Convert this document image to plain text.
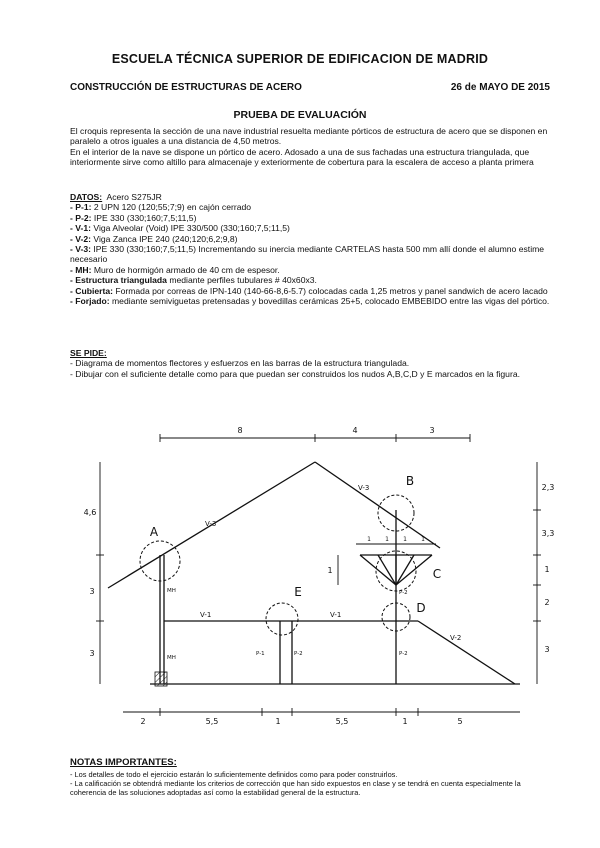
ESCUELA TÉCNICA SUPERIOR DE EDIFICACION DE MADRID
CONSTRUCCIÓN DE ESTRUCTURAS DE ACERO	26 de MAYO DE 2015
PRUEBA DE EVALUACIÓN

El croquis representa la sección de una nave industrial resuelta mediante pórticos de estructura de acero que se disponen en paralelo a otros iguales a una distancia de 4,50 metros.

En el interior de la nave se dispone un pórtico de acero. Adosado a una de sus fachadas una estructura trianguIada, que interiormente sirve como altillo para almacenaje y exteriormente de cobertura para la escalera de acceso a planta primera

DATOS: Acero S275JR

- P-1: 2 UPN 120 (120;55;7;9) en cajón cerrado
- P-2: IPE 330 (330;160;7,5;11,5)
- V-1: Viga Alveolar (Void) IPE 330/500 (330;160;7,5;11,5)
- V-2: Viga Zanca IPE 240 (240;120;6,2;9,8)
- V-3: IPE 330 (330;160;7,5;11,5) Incrementando su inercia mediante CARTELAS hasta 500 mm allí donde el alumno estime necesario
- MH: Muro de hormigón armado de 40 cm de espesor.
- Estructura triangulada mediante perfiles tubulares # 40x60x3.
- Cubierta: Formada por correas de IPN-140 (140-66-8,6-5.7) colocadas cada 1,25 metros y panel sandwich de acero lacado
- Forjado: mediante semiviguetas pretensadas y bovedillas cerámicas 25+5, colocado EMBEBIDO entre las vigas del pórtico.

SE PIDE:

- Diagrama de momentos flectores y esfuerzos en las barras de la estructura triangulada.

- Dibujar con el suficiente detalle como para que puedan ser construidos los nudos A,B,C,D y E marcados en la figura.

8	4	3
2	5,5	1	5,5	1	5
4,6
3
3
2,3
3,3
1
2
3
1 1 1 1
1
A
B
C
D
E
V-3
V-3
V-1	V-1
V-2
P-1	P-2
P-2
P-2
MH
MH
NOTAS IMPORTANTES:
- Los detalles de todo el ejercicio estarán lo suficientemente definidos como para poder construirlos.
- La calificación se obtendrá mediante los criterios de corrección que han sido expuestos en clase y se tendrá en cuenta especialmente la coherencia de las soluciones adoptadas así como la estabilidad general de la estructura.
